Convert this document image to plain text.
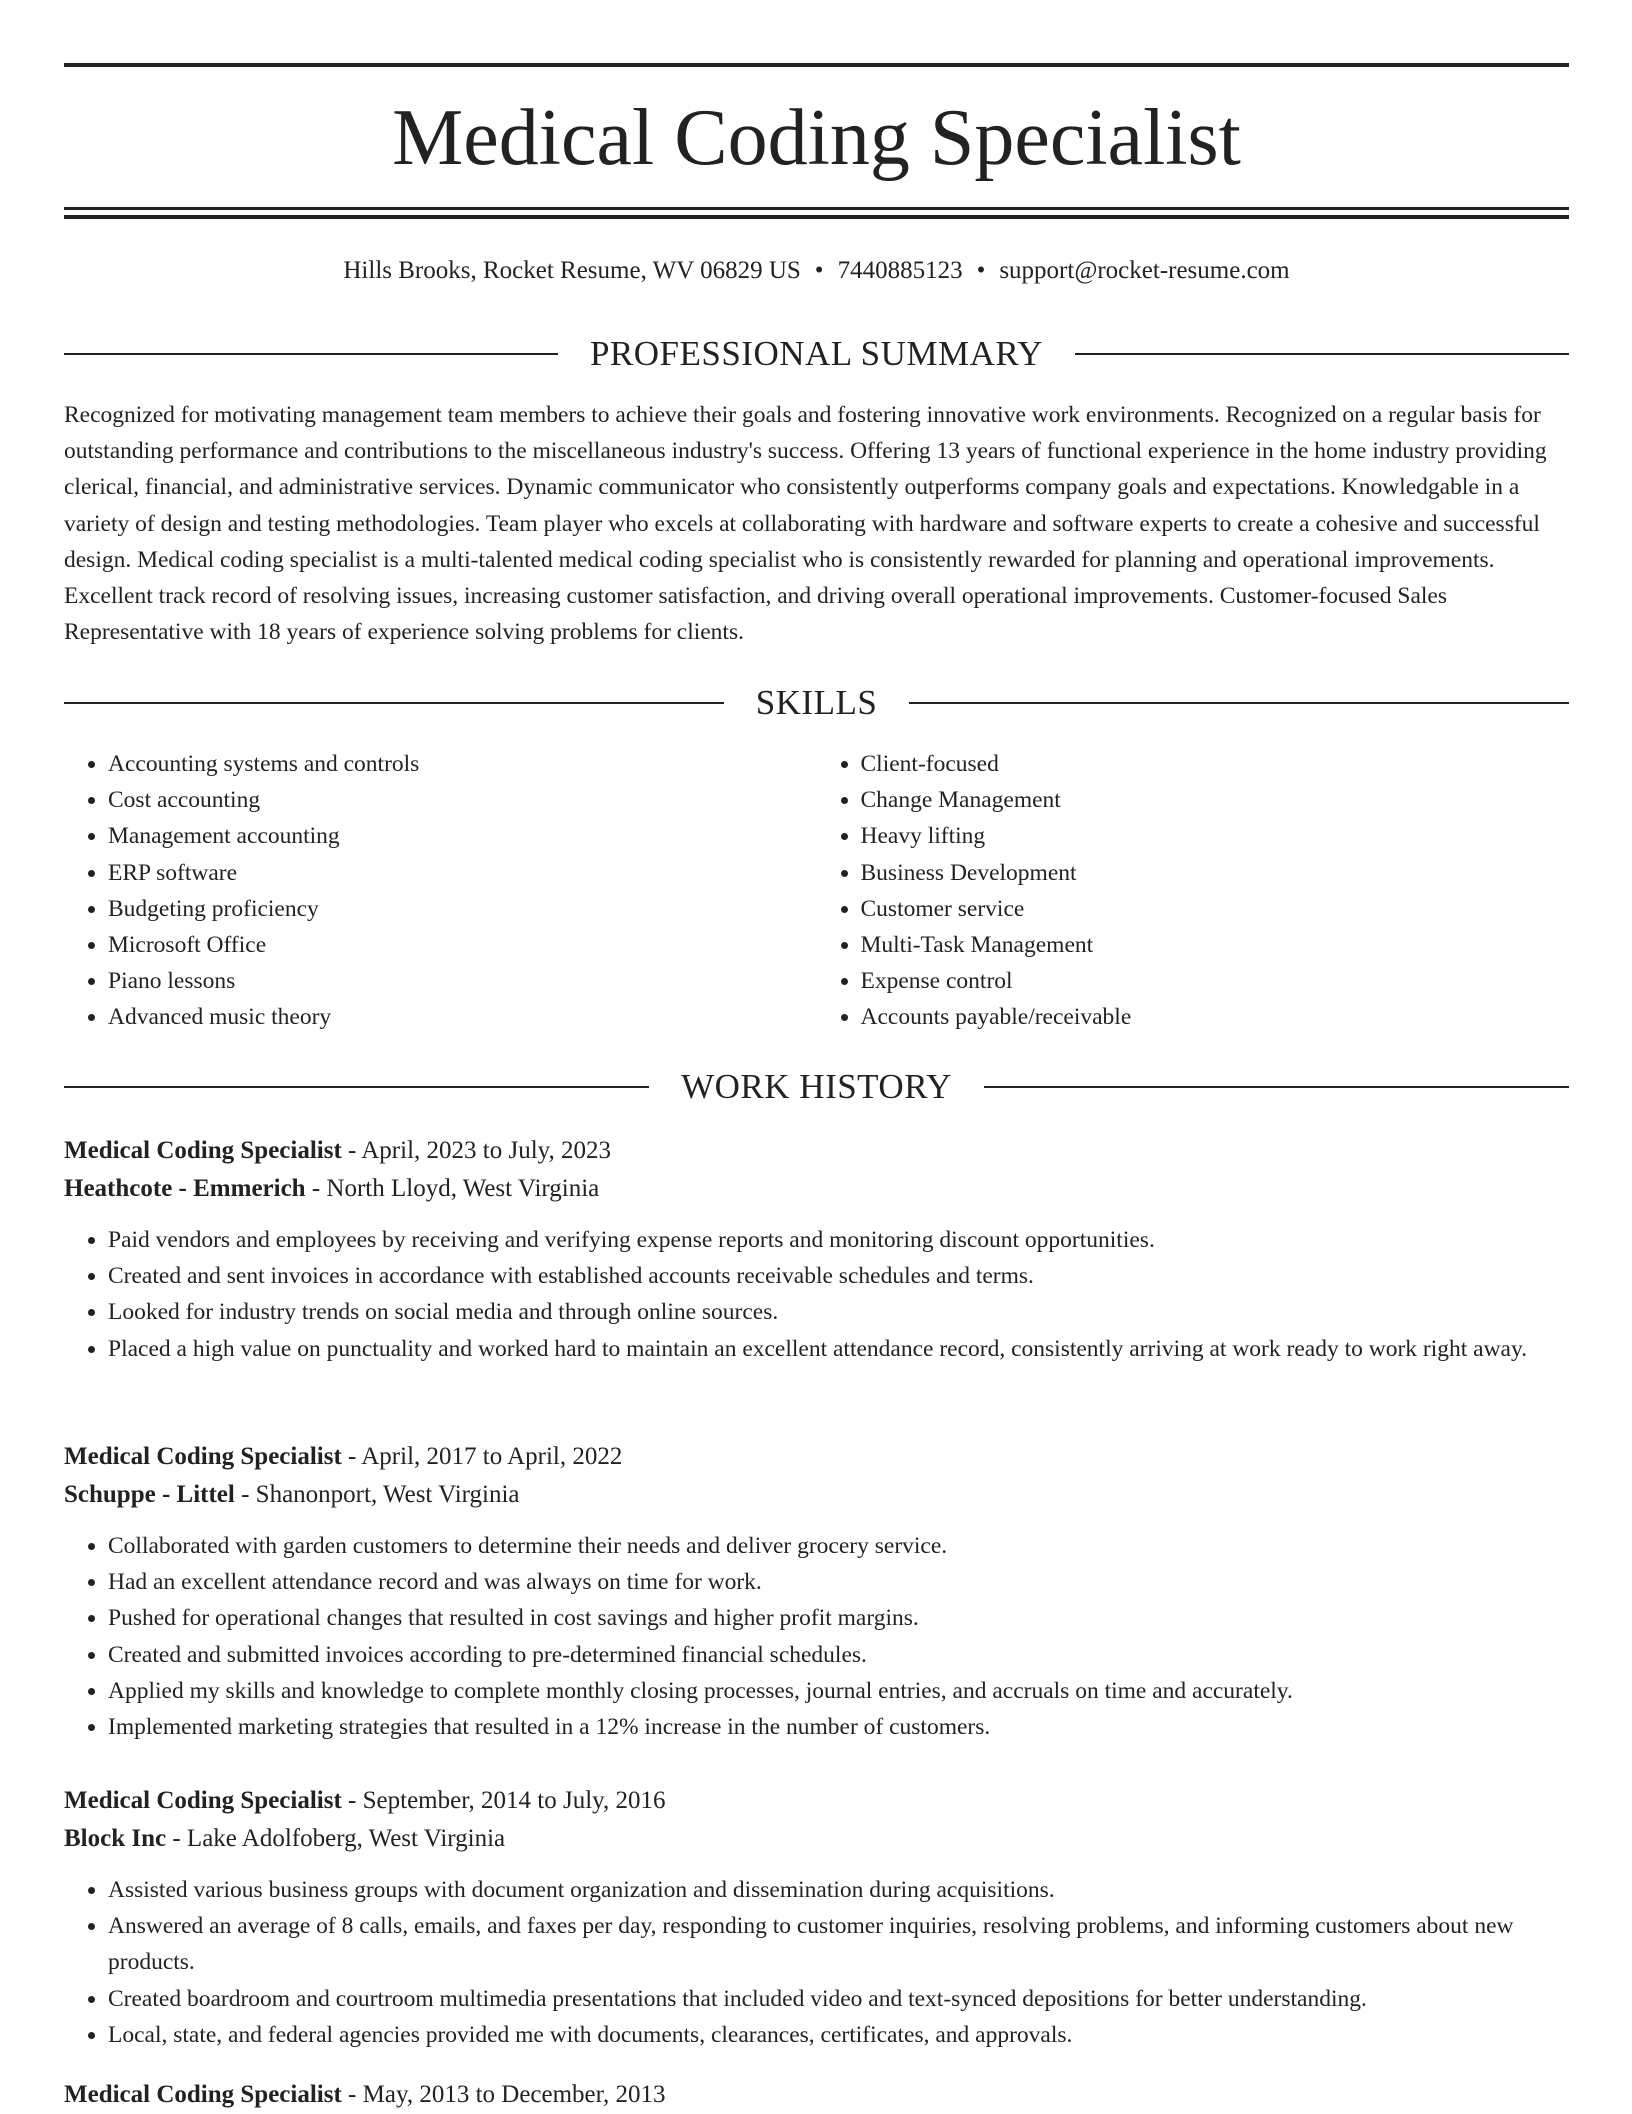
Medical Coding Specialist
Hills Brooks, Rocket Resume, WV 06829 US • 7440885123 • support@rocket-resume.com
PROFESSIONAL SUMMARY

Recognized for motivating management team members to achieve their goals and fostering innovative work environments. Recognized on a regular basis for outstanding performance and contributions to the miscellaneous industry's success. Offering 13 years of functional experience in the home industry providing clerical, financial, and administrative services. Dynamic communicator who consistently outperforms company goals and expectations. Knowledgable in a variety of design and testing methodologies. Team player who excels at collaborating with hardware and software experts to create a cohesive and successful design. Medical coding specialist is a multi-talented medical coding specialist who is consistently rewarded for planning and operational improvements. Excellent track record of resolving issues, increasing customer satisfaction, and driving overall operational improvements. Customer-focused Sales Representative with 18 years of experience solving problems for clients.

SKILLS
• Accounting systems and controls
• Cost accounting
• Management accounting
• ERP software
• Budgeting proficiency
• Microsoft Office
• Piano lessons
• Advanced music theory
• Client-focused
• Change Management
• Heavy lifting
• Business Development
• Customer service
• Multi-Task Management
• Expense control
• Accounts payable/receivable
WORK HISTORY

Medical Coding Specialist - April, 2023 to July, 2023

Heathcote - Emmerich - North Lloyd, West Virginia

• Paid vendors and employees by receiving and verifying expense reports and monitoring discount opportunities.
• Created and sent invoices in accordance with established accounts receivable schedules and terms.
• Looked for industry trends on social media and through online sources.
• Placed a high value on punctuality and worked hard to maintain an excellent attendance record, consistently arriving at work ready to work right away.

Medical Coding Specialist - April, 2017 to April, 2022

Schuppe - Littel - Shanonport, West Virginia

• Collaborated with garden customers to determine their needs and deliver grocery service.
• Had an excellent attendance record and was always on time for work.
• Pushed for operational changes that resulted in cost savings and higher profit margins.
• Created and submitted invoices according to pre-determined financial schedules.
• Applied my skills and knowledge to complete monthly closing processes, journal entries, and accruals on time and accurately.
• Implemented marketing strategies that resulted in a 12% increase in the number of customers.

Medical Coding Specialist - September, 2014 to July, 2016

Block Inc - Lake Adolfoberg, West Virginia

• Assisted various business groups with document organization and dissemination during acquisitions.
• Answered an average of 8 calls, emails, and faxes per day, responding to customer inquiries, resolving problems, and informing customers about new products.
• Created boardroom and courtroom multimedia presentations that included video and text-synced depositions for better understanding.
• Local, state, and federal agencies provided me with documents, clearances, certificates, and approvals.

Medical Coding Specialist - May, 2013 to December, 2013
